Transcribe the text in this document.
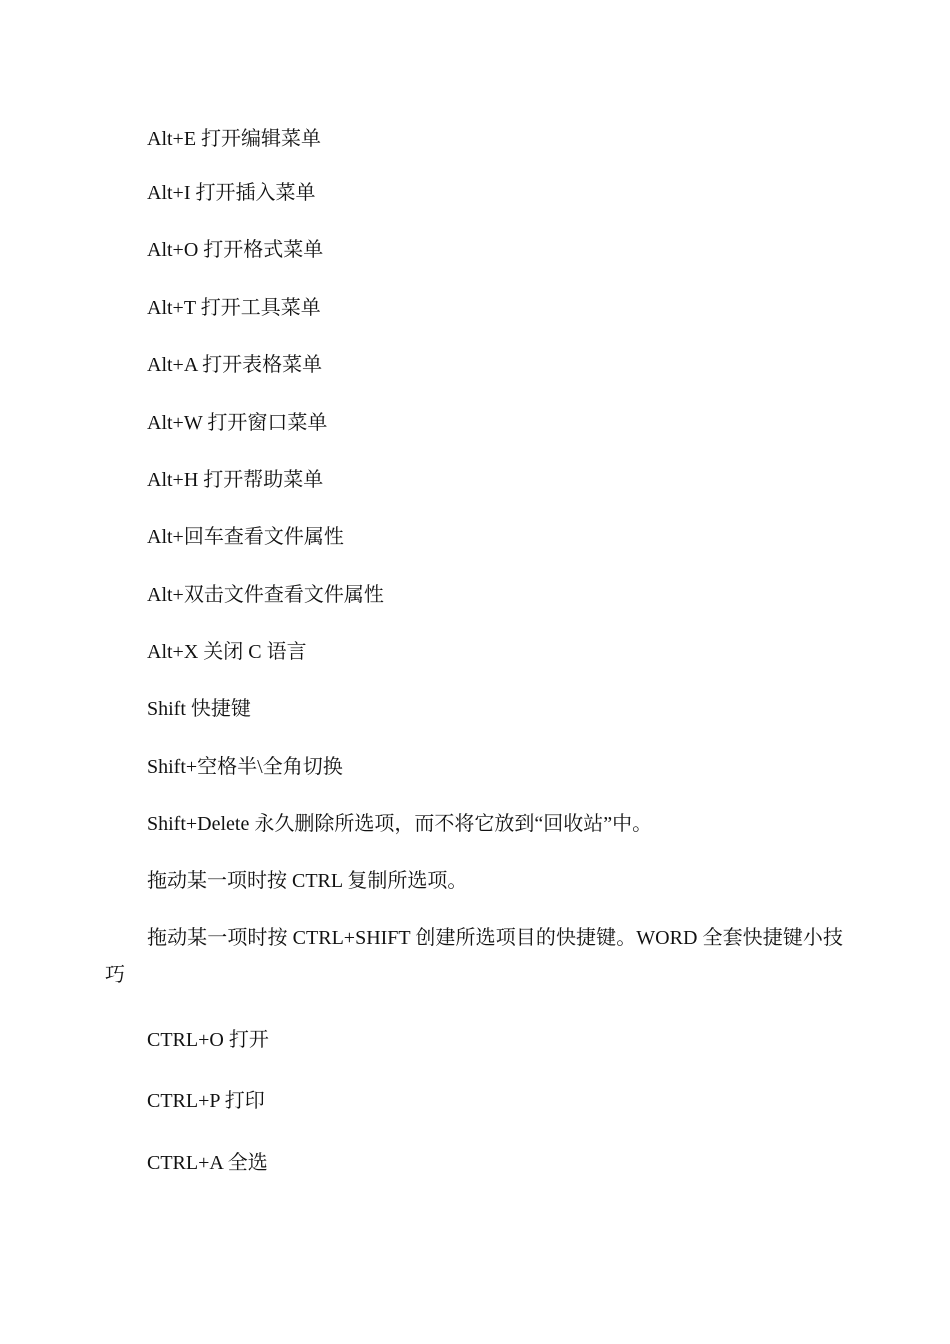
Alt+E 打开编辑菜单
Alt+I 打开插入菜单
Alt+O 打开格式菜单
Alt+T 打开工具菜单
Alt+A 打开表格菜单
Alt+W 打开窗口菜单
Alt+H 打开帮助菜单
Alt+回车查看文件属性
Alt+双击文件查看文件属性
Alt+X 关闭 C 语言
Shift 快捷键
Shift+空格半\全角切换
Shift+Delete 永久删除所选项，而不将它放到“回收站”中。
拖动某一项时按 CTRL 复制所选项。
拖动某一项时按 CTRL+SHIFT 创建所选项目的快捷键。WORD 全套快捷键小技巧
CTRL+O 打开
CTRL+P 打印
CTRL+A 全选
